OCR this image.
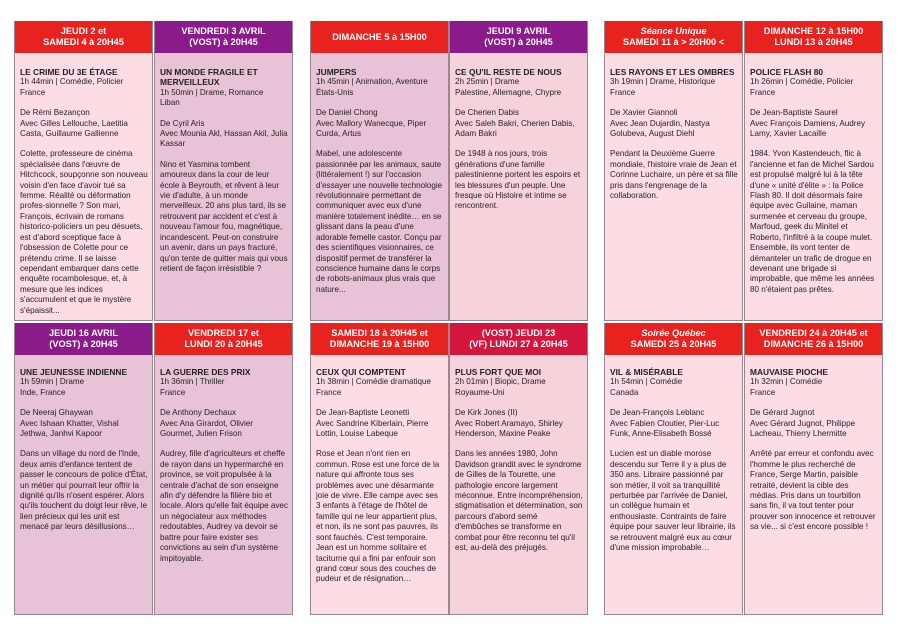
JEUDI 2 et
SAMEDI 4 à 20H45

LE CRIME DU 3E ÉTAGE

1h 44min | Comédie, Policier

France

De Rémi Bezançon

Avec Gilles Lellouche, Laetitia Casta, Guillaume Gallienne

Colette, professeure de cinéma spécialisée dans l'œuvre de Hitchcock, soupçonne son nouveau voisin d'en face d'avoir tué sa femme. Réalité ou déformation profes-sionnelle ? Son mari, François, écrivain de romans historico-policiers un peu désuets, est d'abord sceptique face à l'obsession de Colette pour ce prétendu crime. Il se laisse cependant embarquer dans cette enquête rocambolesque, et, à mesure que les indices s'accumulent et que le mystère s'épaissit...

VENDREDI 3 AVRIL
(VOST) à 20H45

UN MONDE FRAGILE ET MERVEILLEUX

1h 50min | Drame, Romance

Liban

De Cyril Aris

Avec Mounia Akl, Hassan Akil, Julia Kassar

Nino et Yasmina tombent amoureux dans la cour de leur école à Beyrouth, et rêvent à leur vie d'adulte, à un monde merveilleux. 20 ans plus tard, ils se retrouvent par accident et c'est à nouveau l'amour fou, magnétique, incandescent. Peut-on construire un avenir, dans un pays fracturé, qu'on tente de quitter mais qui vous retient de façon irrésistible ?

DIMANCHE 5 à 15H00

JUMPERS

1h 45min | Animation, Aventure

États-Unis

De Daniel Chong

Avec Mallory Wanecque, Piper Curda, Artus

Mabel, une adolescente passionnée par les animaux, saute (littéralement !) sur l'occasion d'essayer une nouvelle technologie révolutionnaire permettant de communiquer avec eux d'une manière totalement inédite… en se glissant dans la peau d'une adorable femelle castor. Conçu par des scientifiques visionnaires, ce dispositif permet de transférer la conscience humaine dans le corps de robots-animaux plus vrais que nature...

JEUDI 9 AVRIL
(VOST) à 20H45

CE QU'IL RESTE DE NOUS

2h 25min | Drame

Palestine, Allemagne, Chypre

De Cherien Dabis

Avec Saleh Bakri, Cherien Dabis, Adam Bakri

De 1948 à nos jours, trois générations d'une famille palestinienne portent les espoirs et les blessures d'un peuple. Une fresque où Histoire et intime se rencontrent.

Séance Unique
SAMEDI 11 à > 20H00 <

LES RAYONS ET LES OMBRES

3h 19min | Drame, Historique

France

De Xavier Giannoli

Avec Jean Dujardin, Nastya Golubeva, August Diehl

Pendant la Deuxième Guerre mondiale, l'histoire vraie de Jean et Corinne Luchaire, un père et sa fille pris dans l'engrenage de la collaboration.

DIMANCHE 12 à 15H00
LUNDI 13 à 20H45

POLICE FLASH 80

1h 26min | Comédie, Policier

France

De Jean-Baptiste Saurel

Avec François Damiens, Audrey Lamy, Xavier Lacaille

1984. Yvon Kastendeuch, flic à l'ancienne et fan de Michel Sardou est propulsé malgré lui à la tête d'une « unité d'élite » : la Police Flash 80. Il doit désormais faire équipe avec Guilaine, maman surmenée et cerveau du groupe, Marfoud, geek du Minitel et Roberto, l'infiltré à la coupe mulet. Ensemble, ils vont tenter de démanteler un trafic de drogue en devenant une brigade si improbable, que même les années 80 n'étaient pas prêtes.

JEUDI 16 AVRIL
(VOST) à 20H45

UNE JEUNESSE INDIENNE

1h 59min | Drame

Inde, France

De Neeraj Ghaywan

Avec Ishaan Khatter, Vishal Jethwa, Janhvi Kapoor

Dans un village du nord de l'Inde, deux amis d'enfance tentent de passer le concours de police d'État, un métier qui pourrait leur offrir la dignité qu'ils n'osent espérer. Alors qu'ils touchent du doigt leur rêve, le lien précieux qui les unit est menacé par leurs désillusions…

VENDREDI 17 et
LUNDI 20 à 20H45

LA GUERRE DES PRIX

1h 36min | Thriller

France

De Anthony Dechaux

Avec Ana Girardot, Olivier Gourmet, Julien Frison

Audrey, fille d'agriculteurs et cheffe de rayon dans un hypermarché en province, se voit propulsée à la centrale d'achat de son enseigne afin d'y défendre la filière bio et locale. Alors qu'elle fait équipe avec un négociateur aux méthodes redoutables, Audrey va devoir se battre pour faire exister ses convictions au sein d'un système impitoyable.

SAMEDI 18 à 20H45 et
DIMANCHE 19 à 15H00

CEUX QUI COMPTENT

1h 38min | Comédie dramatique

France

De Jean-Baptiste Leonetti

Avec Sandrine Kiberlain, Pierre Lottin, Louise Labeque

Rose et Jean n'ont rien en commun. Rose est une force de la nature qui affronte tous ses problèmes avec une désarmante joie de vivre. Elle campe avec ses 3 enfants à l'étage de l'hôtel de famille qui ne leur appartient plus, et non, ils ne sont pas pauvres, ils sont fauchés. C'est temporaire. Jean est un homme solitaire et taciturne qui a fini par enfouir son grand cœur sous des couches de pudeur et de résignation…

(VOST) JEUDI 23
(VF) LUNDI 27 à 20H45

PLUS FORT QUE MOI

2h 01min | Biopic, Drame

Royaume-Uni

De Kirk Jones (II)

Avec Robert Aramayo, Shirley Henderson, Maxine Peake

Dans les années 1980, John Davidson grandit avec le syndrome de Gilles de la Tourette, une pathologie encore largement méconnue. Entre incompréhension, stigmatisation et détermination, son parcours d'abord semé d'embûches se transforme en combat pour être reconnu tel qu'il est, au-delà des préjugés.

Soirée Québec
SAMEDI 25 à 20H45

VIL & MISÉRABLE

1h 54min | Comédie

Canada

De Jean-François Leblanc

Avec Fabien Cloutier, Pier-Luc Funk, Anne-Elisabeth Bossé

Lucien est un diable morose descendu sur Terre il y a plus de 350 ans. Libraire passionné par son métier, il voit sa tranquillité perturbée par l'arrivée de Daniel, un collègue humain et enthousiaste. Contraints de faire équipe pour sauver leur librairie, ils se retrouvent malgré eux au cœur d'une mission improbable…

VENDREDI 24 à 20H45 et
DIMANCHE 26 à 15H00

MAUVAISE PIOCHE

1h 32min | Comédie

France

De Gérard Jugnot

Avec Gérard Jugnot, Philippe Lacheau, Thierry Lhermitte

Arrêté par erreur et confondu avec l'homme le plus recherché de France, Serge Martin, paisible retraité, devient la cible des médias. Pris dans un tourbillon sans fin, il va tout tenter pour prouver son innocence et retrouver sa vie... si c'est encore possible !
